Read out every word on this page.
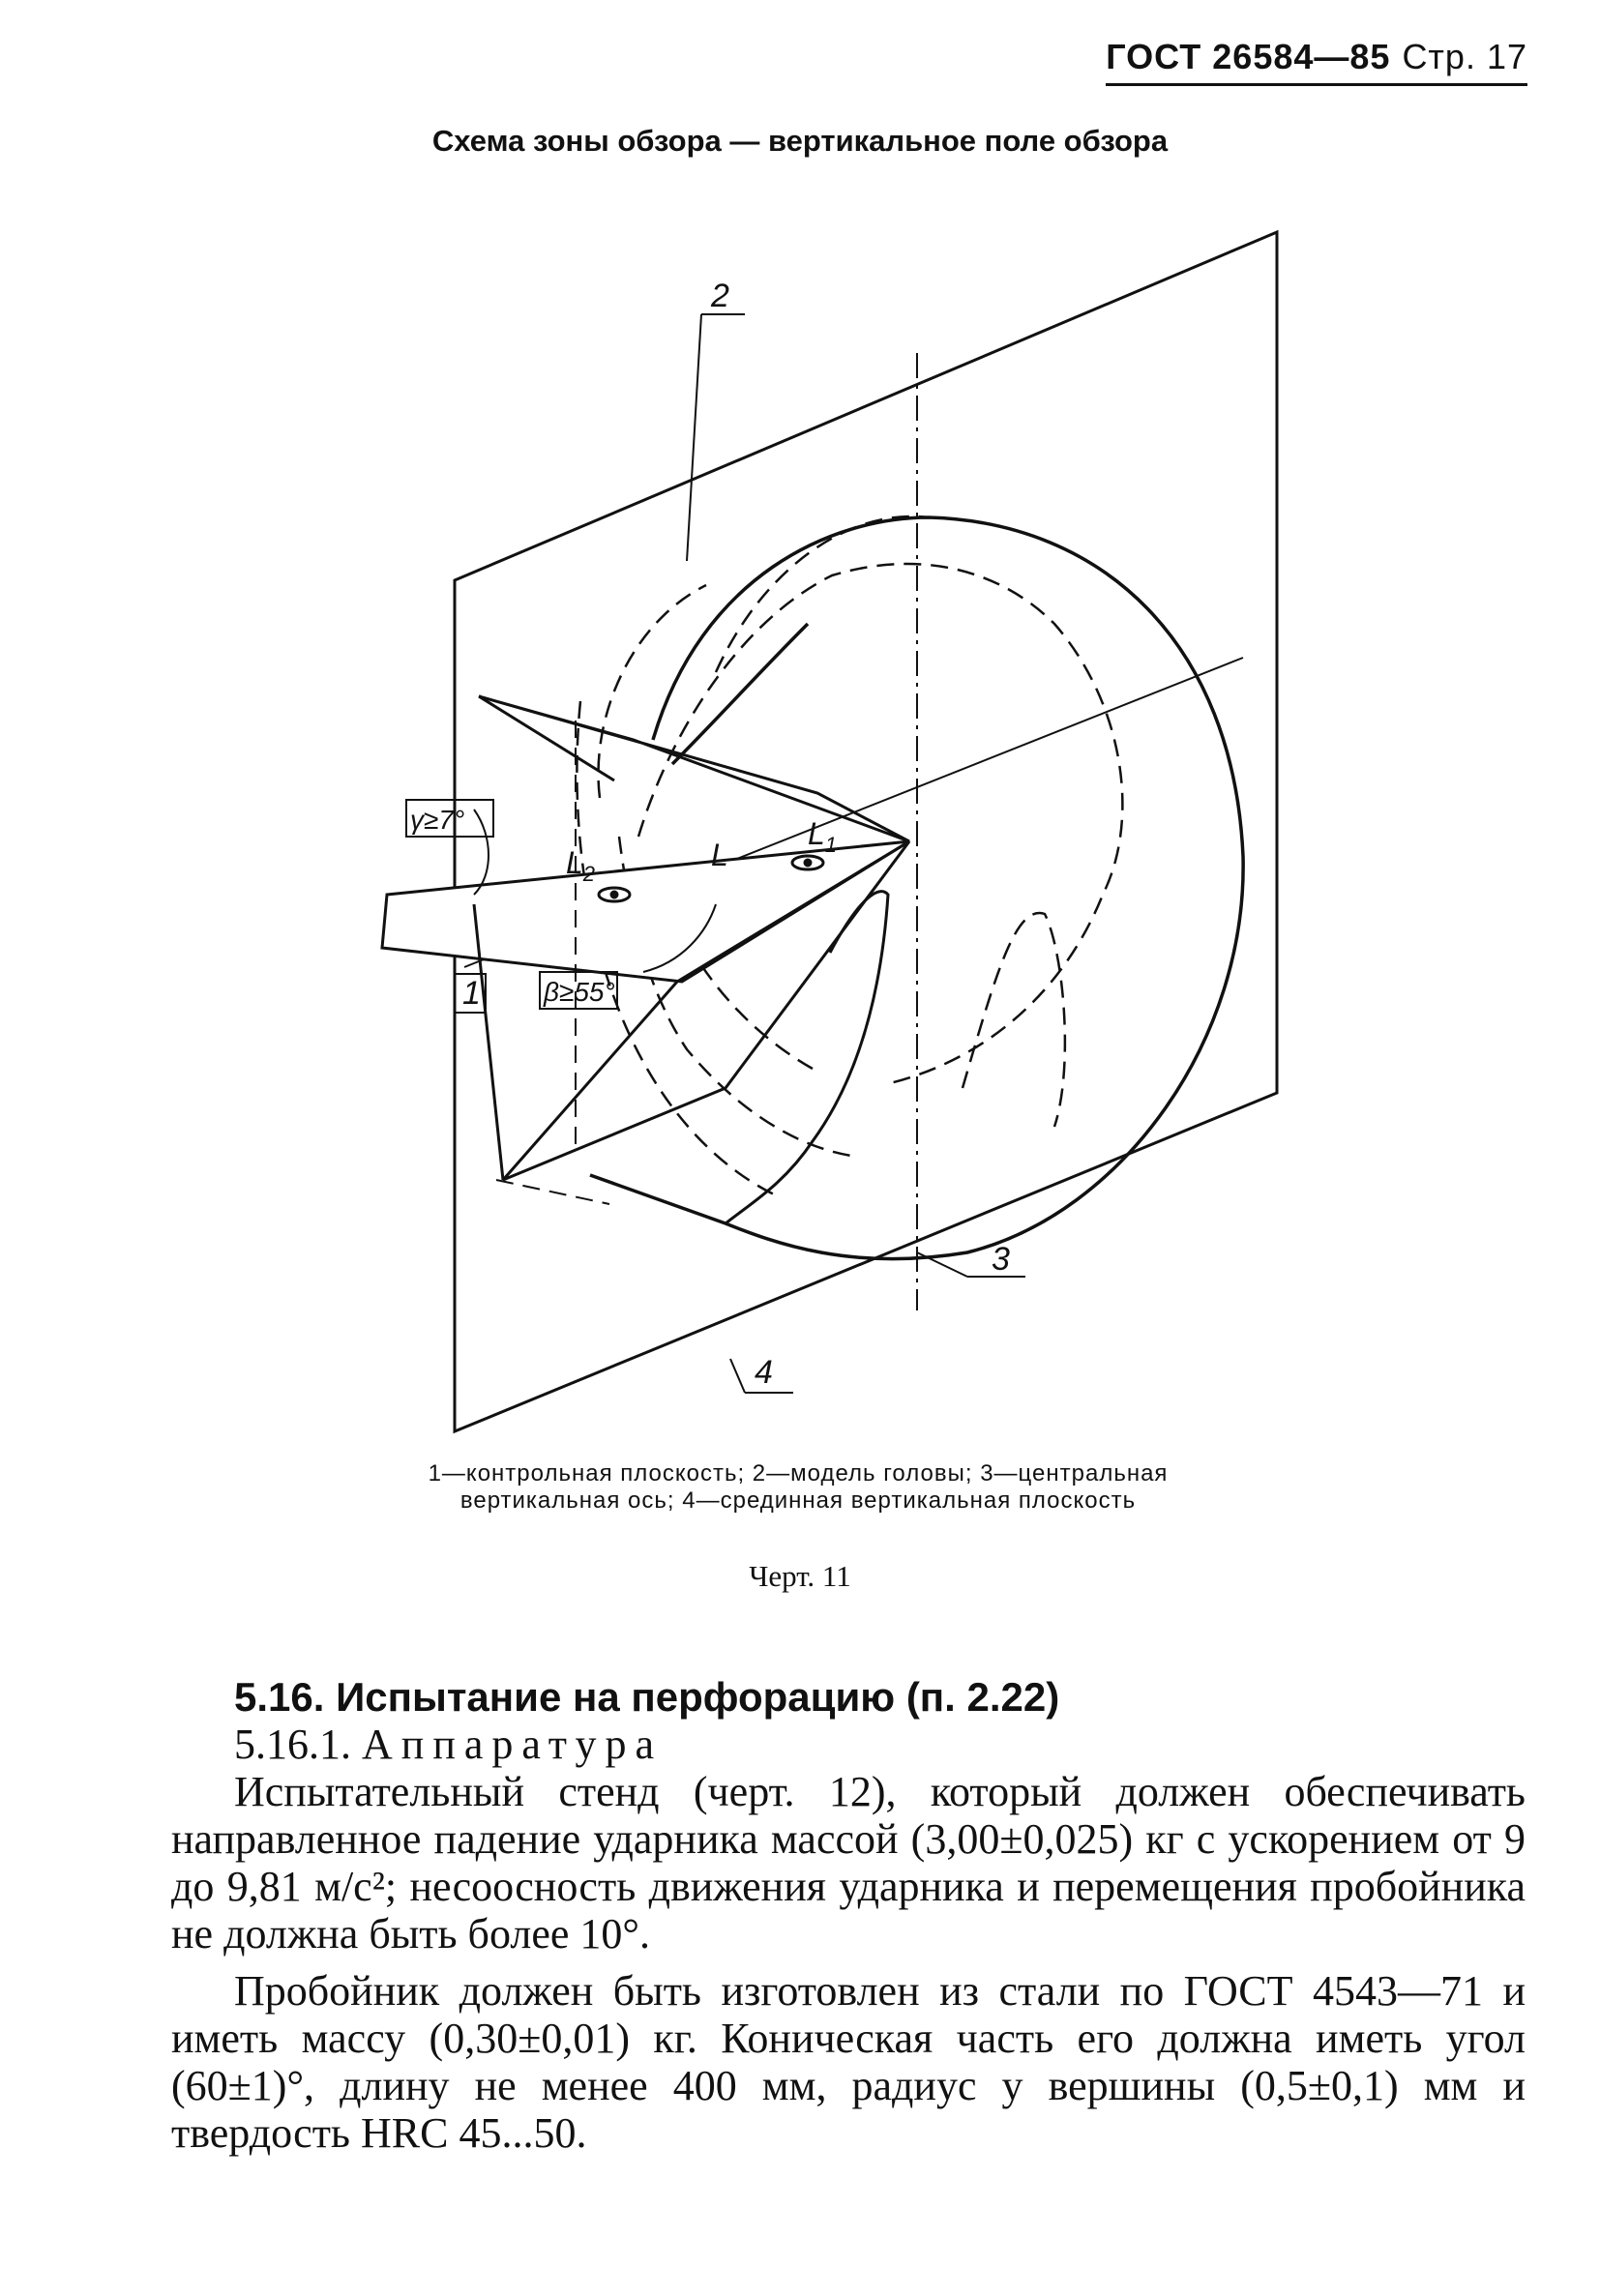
ГОСТ 26584—85 Стр. 17
Схема зоны обзора — вертикальное поле обзора
2
1
3
4
γ≥7°
β≥55°
$L_2$
L
$L_1$
1—контрольная плоскость; 2—модель головы; 3—центральная вертикальная ось; 4—срединная вертикальная плоскость
Черт. 11
5.16. Испытание на перфорацию (п. 2.22)
5.16.1. Аппаратура

Испытательный стенд (черт. 12), который должен обеспечивать направленное падение ударника массой (3,00±0,025) кг с ускорением от 9 до 9,81 м/с²; несоосность движения ударника и перемещения пробойника не должна быть более 10°.

Пробойник должен быть изготовлен из стали по ГОСТ 4543—71 и иметь массу (0,30±0,01) кг. Коническая часть его должна иметь угол (60±1)°, длину не менее 400 мм, радиус у вершины (0,5±0,1) мм и твердость HRC 45...50.
